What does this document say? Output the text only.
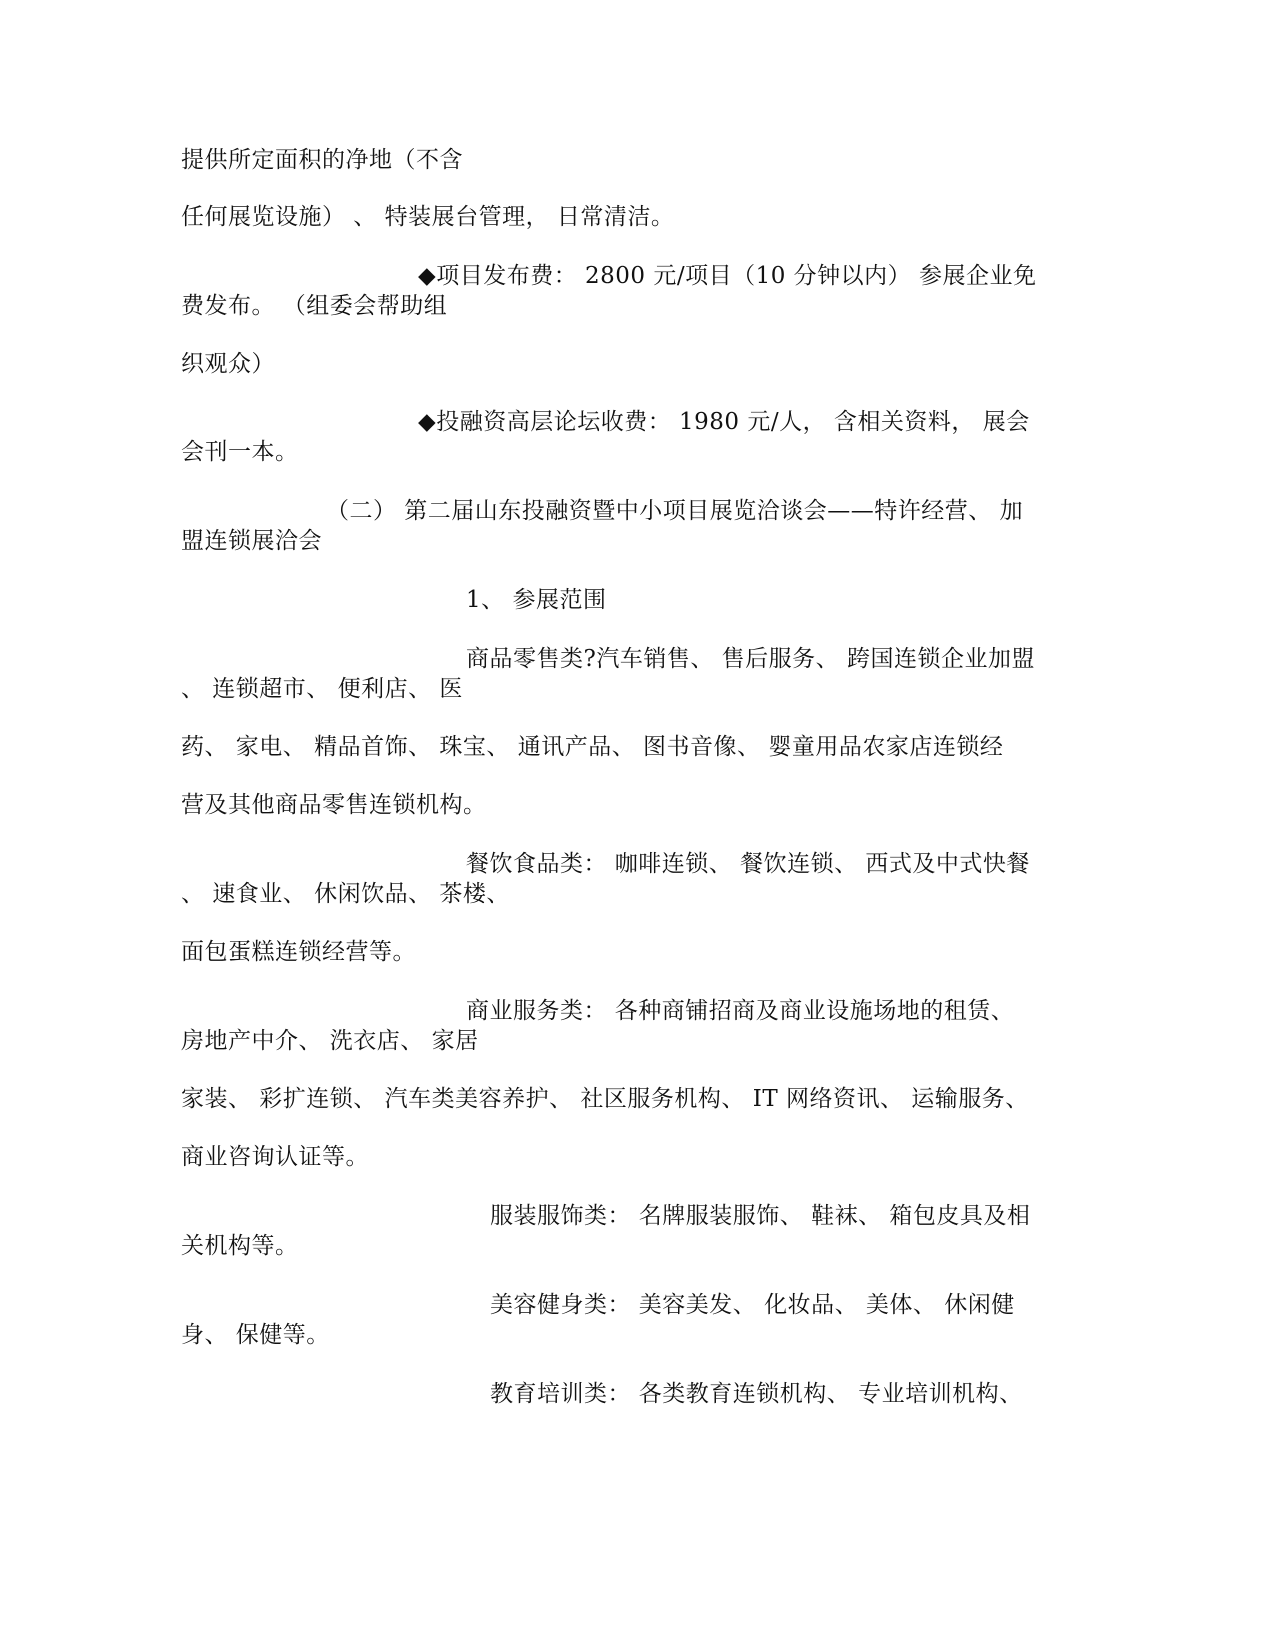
提供所定面积的净地（不含
任何展览设施） 、 特装展台管理， 日常清洁。
◆项目发布费： 2800 元/项目（10 分钟以内） 参展企业免
费发布。 （组委会帮助组
织观众）
◆投融资高层论坛收费： 1980 元/人， 含相关资料， 展会
会刊一本。
（二） 第二届山东投融资暨中小项目展览洽谈会——特许经营、 加
盟连锁展洽会
1、 参展范围
商品零售类?汽车销售、 售后服务、 跨国连锁企业加盟
、 连锁超市、 便利店、 医
药、 家电、 精品首饰、 珠宝、 通讯产品、 图书音像、 婴童用品农家店连锁经
营及其他商品零售连锁机构。
餐饮食品类： 咖啡连锁、 餐饮连锁、 西式及中式快餐
、 速食业、 休闲饮品、 茶楼、
面包蛋糕连锁经营等。
商业服务类： 各种商铺招商及商业设施场地的租赁、
房地产中介、 洗衣店、 家居
家装、 彩扩连锁、 汽车类美容养护、 社区服务机构、 IT 网络资讯、 运输服务、
商业咨询认证等。
服装服饰类： 名牌服装服饰、 鞋袜、 箱包皮具及相
关机构等。
美容健身类： 美容美发、 化妆品、 美体、 休闲健
身、 保健等。
教育培训类： 各类教育连锁机构、 专业培训机构、
